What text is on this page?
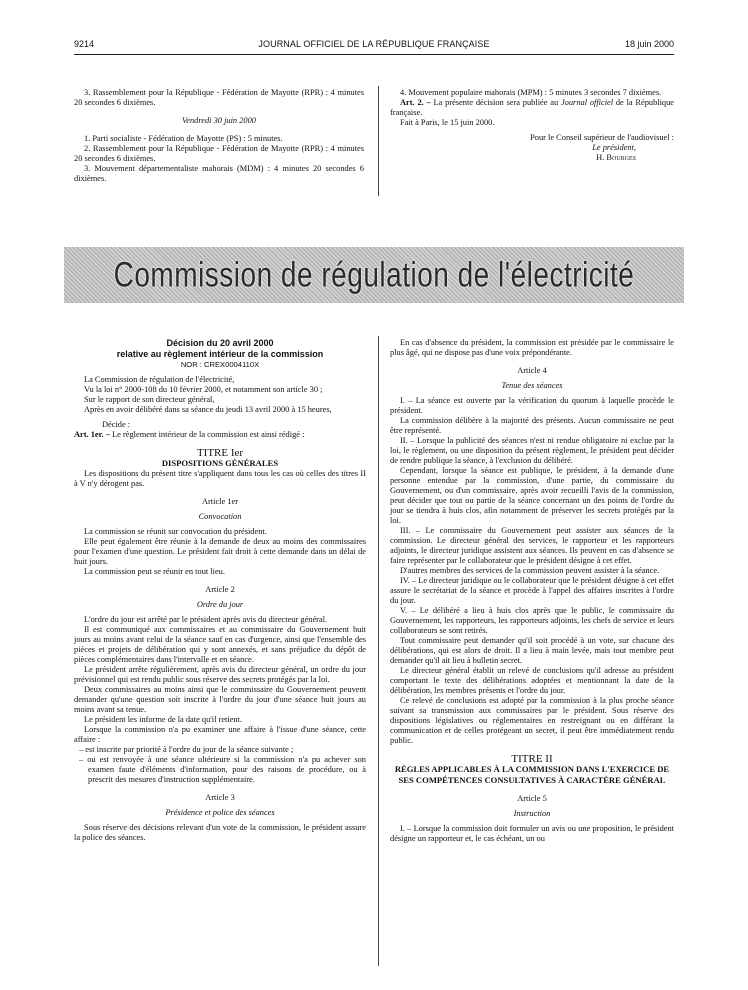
9214	JOURNAL OFFICIEL DE LA RÉPUBLIQUE FRANÇAISE	18 juin 2000

3. Rassemblement pour la République - Fédération de Mayotte (RPR) : 4 minutes 20 secondes 6 dixièmes.

Vendredi 30 juin 2000

1. Parti socialiste - Fédération de Mayotte (PS) : 5 minutes.

2. Rassemblement pour la République - Fédération de Mayotte (RPR) : 4 minutes 20 secondes 6 dixièmes.

3. Mouvement départementaliste mahorais (MDM) : 4 minutes 20 secondes 6 dixièmes.

4. Mouvement populaire mahorais (MPM) : 5 minutes 3 secondes 7 dixièmes.

Art. 2. – La présente décision sera publiée au Journal officiel de la République française.

Fait à Paris, le 15 juin 2000.

Pour le Conseil supérieur de l'audiovisuel :

Le président,

H. Bourges

Commission de régulation de l'électricité

Décision du 20 avril 2000

relative au règlement intérieur de la commission

NOR : CREX0004110X

La Commission de régulation de l'électricité,

Vu la loi n° 2000-108 du 10 février 2000, et notamment son article 30 ;

Sur le rapport de son directeur général,

Après en avoir délibéré dans sa séance du jeudi 13 avril 2000 à 15 heures,

Décide :

Art. 1er. – Le règlement intérieur de la commission est ainsi rédigé :

TITRE Ier

DISPOSITIONS GÉNÉRALES

Les dispositions du présent titre s'appliquent dans tous les cas où celles des titres II à V n'y dérogent pas.

Article 1er

Convocation

La commission se réunit sur convocation du président.

Elle peut également être réunie à la demande de deux au moins des commissaires pour l'examen d'une question. Le président fait droit à cette demande dans un délai de huit jours.

La commission peut se réunir en tout lieu.

Article 2

Ordre du jour

L'ordre du jour est arrêté par le président après avis du directeur général.

Il est communiqué aux commissaires et au commissaire du Gouvernement huit jours au moins avant celui de la séance sauf en cas d'urgence, ainsi que l'ensemble des pièces et projets de délibération qui y sont annexés, et sans préjudice du dépôt de pièces complémentaires dans l'intervalle et en séance.

Le président arrête régulièrement, après avis du directeur général, un ordre du jour prévisionnel qui est rendu public sous réserve des secrets protégés par la loi.

Deux commissaires au moins ainsi que le commissaire du Gouvernement peuvent demander qu'une question soit inscrite à l'ordre du jour d'une séance huit jours au moins avant sa tenue.

Le président les informe de la date qu'il retient.

Lorsque la commission n'a pu examiner une affaire à l'issue d'une séance, cette affaire :

– est inscrite par priorité à l'ordre du jour de la séance suivante ;

– ou est renvoyée à une séance ultérieure si la commission n'a pu achever son examen faute d'éléments d'information, pour des raisons de procédure, ou à prescrit des mesures d'instruction supplémentaire.

Article 3

Présidence et police des séances

Sous réserve des décisions relevant d'un vote de la commission, le président assure la police des séances.

En cas d'absence du président, la commission est présidée par le commissaire le plus âgé, qui ne dispose pas d'une voix prépondérante.

Article 4

Tenue des séances

I. – La séance est ouverte par la vérification du quorum à laquelle procède le président.

La commission délibère à la majorité des présents. Aucun commissaire ne peut être représenté.

II. – Lorsque la publicité des séances n'est ni rendue obligatoire ni exclue par la loi, le règlement, ou une disposition du présent règlement, le président peut décider de rendre publique la séance, à l'exclusion du délibéré.

Cependant, lorsque la séance est publique, le président, à la demande d'une personne entendue par la commission, d'une partie, du commissaire du Gouvernement, ou d'un commissaire, après avoir recueilli l'avis de la commission, peut décider que tout ou partie de la séance concernant un des points de l'ordre du jour se tiendra à huis clos, afin notamment de préserver les secrets protégés par la loi.

III. – Le commissaire du Gouvernement peut assister aux séances de la commission. Le directeur général des services, le rapporteur et les rapporteurs adjoints, le directeur juridique assistent aux séances. Ils peuvent en cas d'absence se faire représenter par le collaborateur que le président désigne à cet effet.

D'autres membres des services de la commission peuvent assister à la séance.

IV. – Le directeur juridique ou le collaborateur que le président désigne à cet effet assure le secrétariat de la séance et procède à l'appel des affaires inscrites à l'ordre du jour.

V. – Le délibéré a lieu à huis clos après que le public, le commissaire du Gouvernement, les rapporteurs, les rapporteurs adjoints, les chefs de service et leurs collaborateurs se sont retirés.

Tout commissaire peut demander qu'il soit procédé à un vote, sur chacune des délibérations, qui est alors de droit. Il a lieu à main levée, mais tout membre peut demander qu'il ait lieu à bulletin secret.

Le directeur général établit un relevé de conclusions qu'il adresse au président comportant le texte des délibérations adoptées et mentionnant la date de la délibération, les membres présents et l'ordre du jour.

Ce relevé de conclusions est adopté par la commission à la plus proche séance suivant sa transmission aux commissaires par le président. Sous réserve des dispositions législatives ou réglementaires en restreignant ou en différant la communication et de celles protégeant un secret, il peut être immédiatement rendu public.

TITRE II

RÈGLES APPLICABLES À LA COMMISSION DANS L'EXERCICE DE SES COMPÉTENCES CONSULTATIVES À CARACTÈRE GÉNÉRAL

Article 5

Instruction

I. – Lorsque la commission doit formuler un avis ou une proposition, le président désigne un rapporteur et, le cas échéant, un ou
